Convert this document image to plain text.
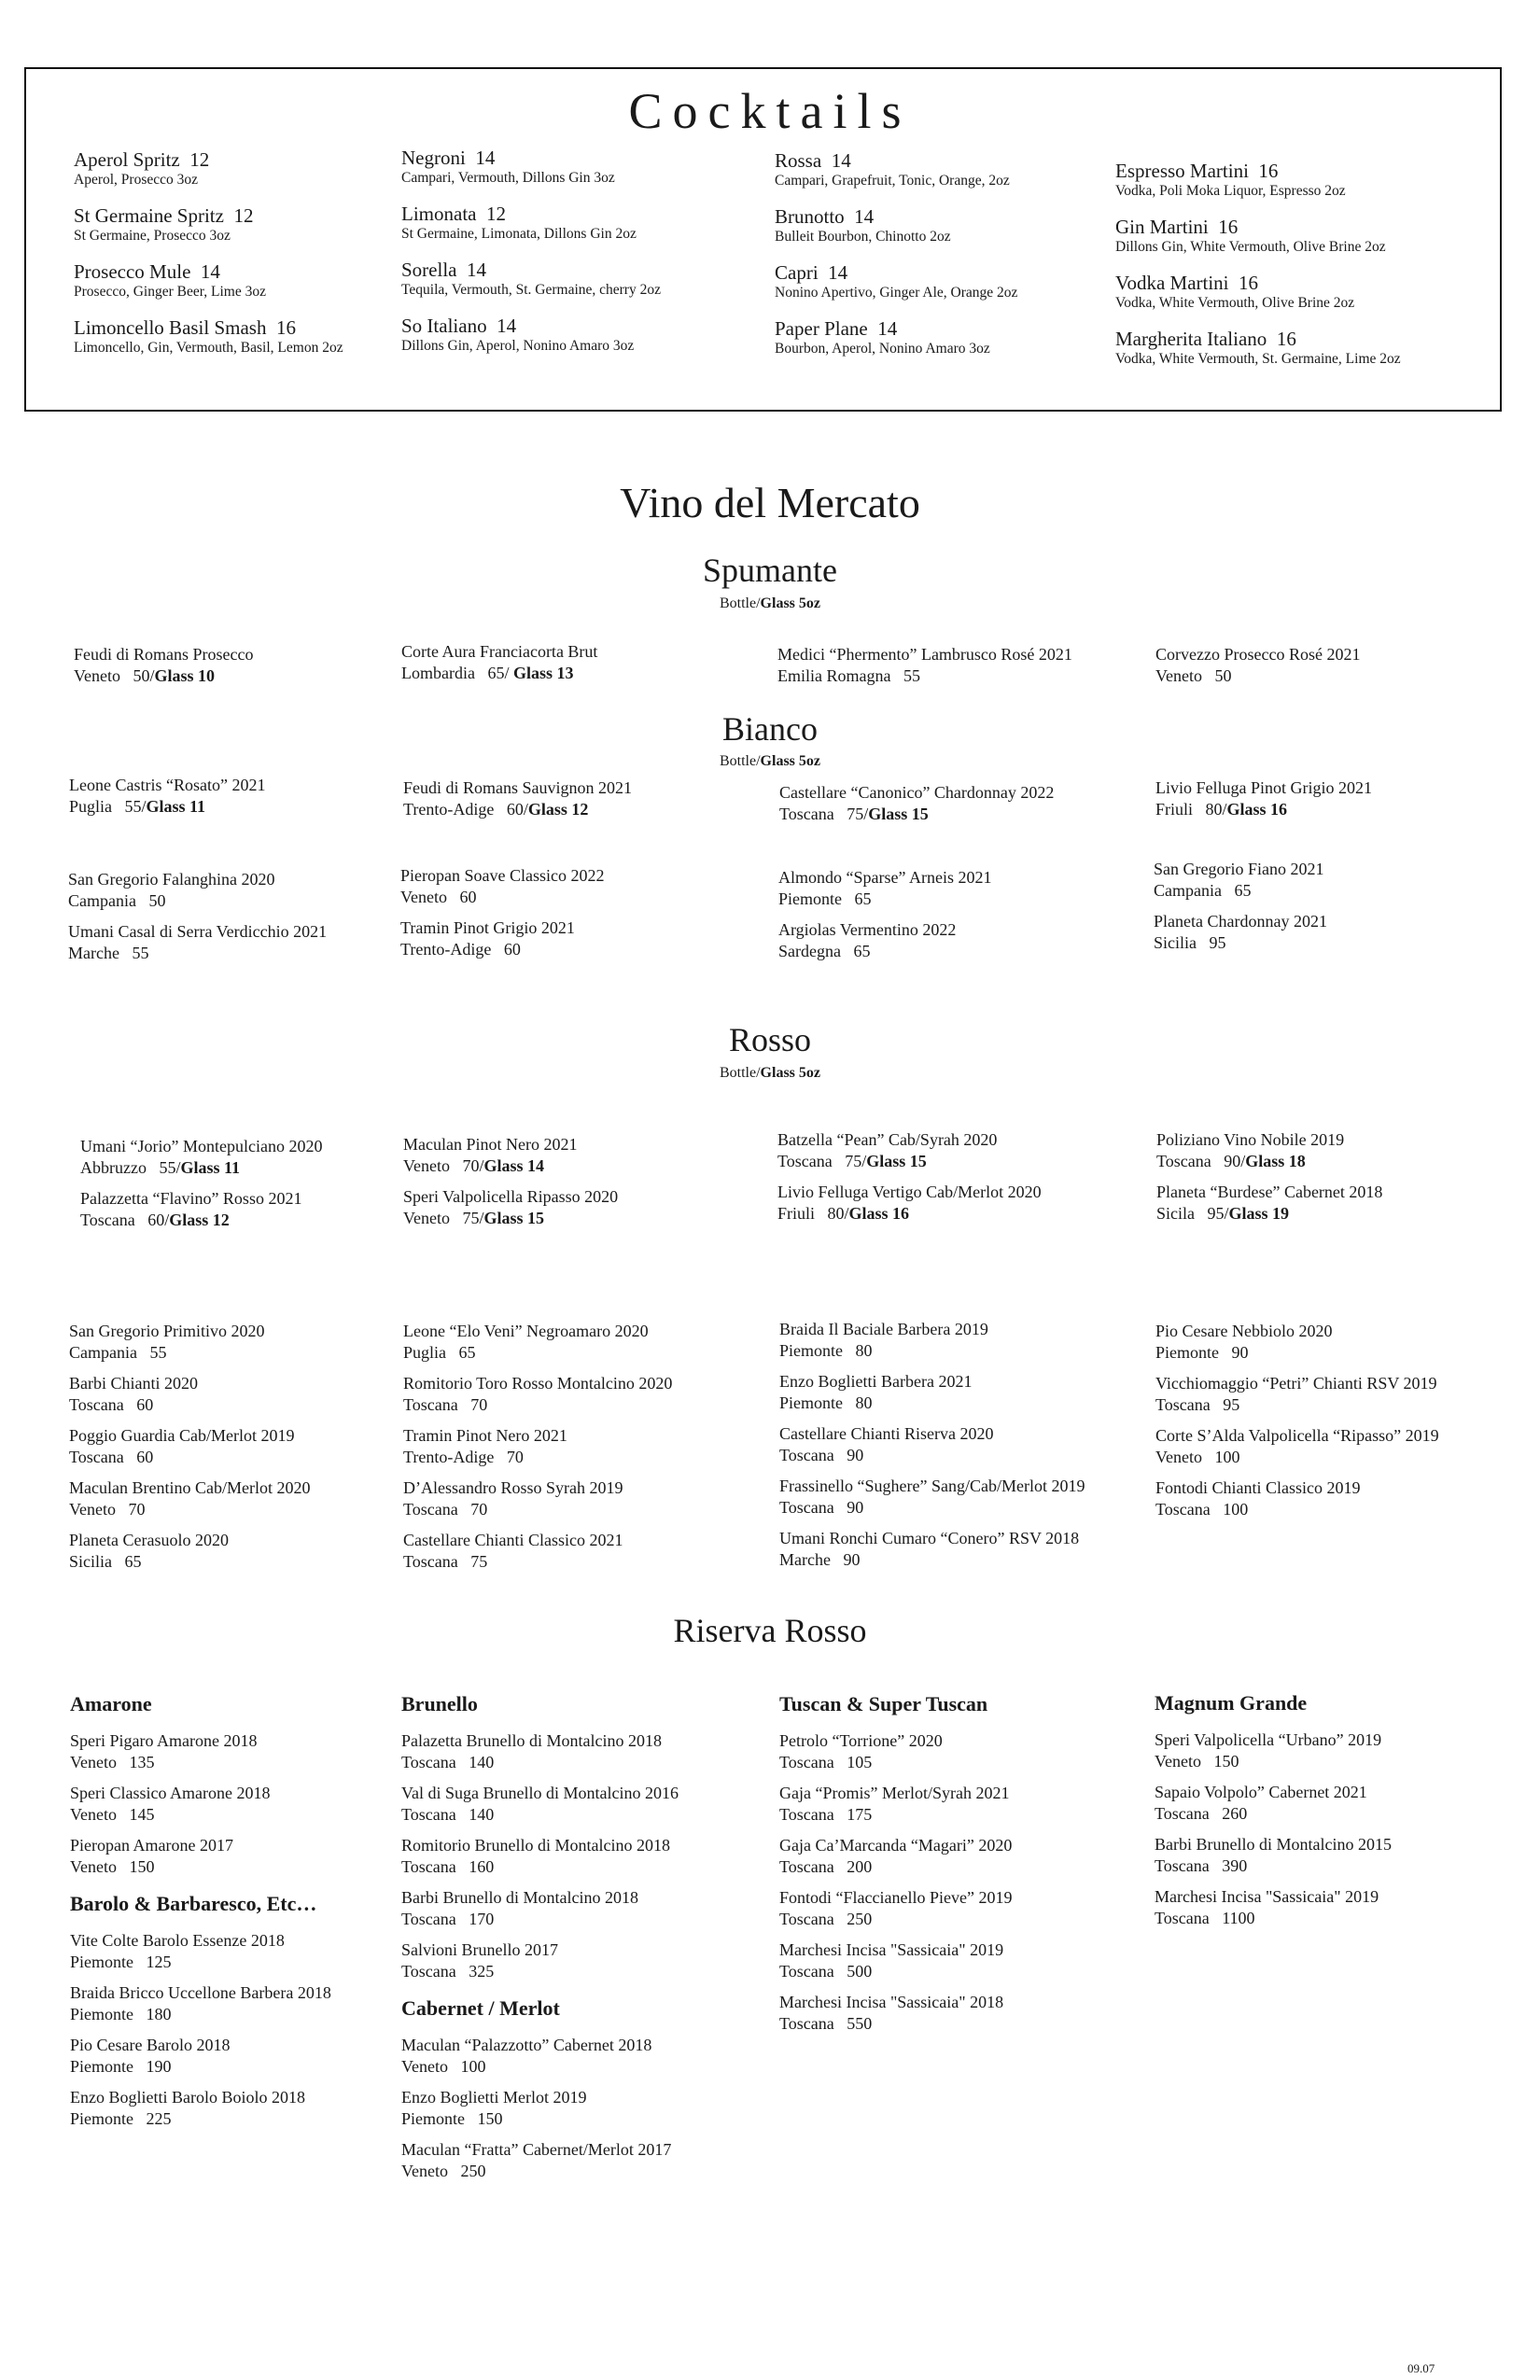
Cocktails
Aperol Spritz 12
Aperol, Prosecco 3oz
St Germaine Spritz 12
St Germaine, Prosecco 3oz
Prosecco Mule 14
Prosecco, Ginger Beer, Lime 3oz
Limoncello Basil Smash 16
Limoncello, Gin, Vermouth, Basil, Lemon 2oz
Negroni 14
Campari, Vermouth, Dillons Gin 3oz
Limonata 12
St Germaine, Limonata, Dillons Gin 2oz
Sorella 14
Tequila, Vermouth, St. Germaine, cherry 2oz
So Italiano 14
Dillons Gin, Aperol, Nonino Amaro 3oz
Rossa 14
Campari, Grapefruit, Tonic, Orange, 2oz
Brunotto 14
Bulleit Bourbon, Chinotto 2oz
Capri 14
Nonino Apertivo, Ginger Ale, Orange 2oz
Paper Plane 14
Bourbon, Aperol, Nonino Amaro 3oz
Espresso Martini 16
Vodka, Poli Moka Liquor, Espresso 2oz
Gin Martini 16
Dillons Gin, White Vermouth, Olive Brine 2oz
Vodka Martini 16
Vodka, White Vermouth, Olive Brine 2oz
Margherita Italiano 16
Vodka, White Vermouth, St. Germaine, Lime 2oz
Vino del Mercato
Spumante
Bottle/Glass 5oz
Feudi di Romans Prosecco
Veneto 50/Glass 10
Corte Aura Franciacorta Brut
Lombardia 65/ Glass 13
Medici “Phermento” Lambrusco Rosé 2021
Emilia Romagna 55
Corvezzo Prosecco Rosé 2021
Veneto 50
Bianco
Bottle/Glass 5oz
Leone Castris “Rosato” 2021
Puglia 55/Glass 11
Feudi di Romans Sauvignon 2021
Trento-Adige 60/Glass 12
Castellare “Canonico” Chardonnay 2022
Toscana 75/Glass 15
Livio Felluga Pinot Grigio 2021
Friuli 80/Glass 16
San Gregorio Falanghina 2020
Campania 50
Umani Casal di Serra Verdicchio 2021
Marche 55
Pieropan Soave Classico 2022
Veneto 60
Tramin Pinot Grigio 2021
Trento-Adige 60
Almondo “Sparse” Arneis 2021
Piemonte 65
Argiolas Vermentino 2022
Sardegna 65
San Gregorio Fiano 2021
Campania 65
Planeta Chardonnay 2021
Sicilia 95
Rosso
Bottle/Glass 5oz
Umani “Jorio” Montepulciano 2020
Abbruzzo 55/Glass 11
Palazzetta “Flavino” Rosso 2021
Toscana 60/Glass 12
Maculan Pinot Nero 2021
Veneto 70/Glass 14
Speri Valpolicella Ripasso 2020
Veneto 75/Glass 15
Batzella “Pean” Cab/Syrah 2020
Toscana 75/Glass 15
Livio Felluga Vertigo Cab/Merlot 2020
Friuli 80/Glass 16
Poliziano Vino Nobile 2019
Toscana 90/Glass 18
Planeta “Burdese” Cabernet 2018
Sicila 95/Glass 19
San Gregorio Primitivo 2020
Campania 55
Barbi Chianti 2020
Toscana 60
Poggio Guardia Cab/Merlot 2019
Toscana 60
Maculan Brentino Cab/Merlot 2020
Veneto 70
Planeta Cerasuolo 2020
Sicilia 65
Leone “Elo Veni” Negroamaro 2020
Puglia 65
Romitorio Toro Rosso Montalcino 2020
Toscana 70
Tramin Pinot Nero 2021
Trento-Adige 70
D’Alessandro Rosso Syrah 2019
Toscana 70
Castellare Chianti Classico 2021
Toscana 75
Braida Il Baciale Barbera 2019
Piemonte 80
Enzo Boglietti Barbera 2021
Piemonte 80
Castellare Chianti Riserva 2020
Toscana 90
Frassinello “Sughere” Sang/Cab/Merlot 2019
Toscana 90
Umani Ronchi Cumaro “Conero” RSV 2018
Marche 90
Pio Cesare Nebbiolo 2020
Piemonte 90
Vicchiomaggio “Petri” Chianti RSV 2019
Toscana 95
Corte S’Alda Valpolicella “Ripasso” 2019
Veneto 100
Fontodi Chianti Classico 2019
Toscana 100
Riserva Rosso
Amarone
Speri Pigaro Amarone 2018
Veneto 135
Speri Classico Amarone 2018
Veneto 145
Pieropan Amarone 2017
Veneto 150
Barolo & Barbaresco, Etc…
Vite Colte Barolo Essenze 2018
Piemonte 125
Braida Bricco Uccellone Barbera 2018
Piemonte 180
Pio Cesare Barolo 2018
Piemonte 190
Enzo Boglietti Barolo Boiolo 2018
Piemonte 225
Brunello
Palazetta Brunello di Montalcino 2018
Toscana 140
Val di Suga Brunello di Montalcino 2016
Toscana 140
Romitorio Brunello di Montalcino 2018
Toscana 160
Barbi Brunello di Montalcino 2018
Toscana 170
Salvioni Brunello 2017
Toscana 325
Cabernet / Merlot
Maculan “Palazzotto” Cabernet 2018
Veneto 100
Enzo Boglietti Merlot 2019
Piemonte 150
Maculan “Fratta” Cabernet/Merlot 2017
Veneto 250
Tuscan & Super Tuscan
Petrolo “Torrione” 2020
Toscana 105
Gaja “Promis” Merlot/Syrah 2021
Toscana 175
Gaja Ca’Marcanda “Magari” 2020
Toscana 200
Fontodi “Flaccianello Pieve” 2019
Toscana 250
Marchesi Incisa "Sassicaia" 2019
Toscana 500
Marchesi Incisa "Sassicaia" 2018
Toscana 550
Magnum Grande
Speri Valpolicella “Urbano” 2019
Veneto 150
Sapaio Volpolo” Cabernet 2021
Toscana 260
Barbi Brunello di Montalcino 2015
Toscana 390
Marchesi Incisa "Sassicaia" 2019
Toscana 1100
09.07
